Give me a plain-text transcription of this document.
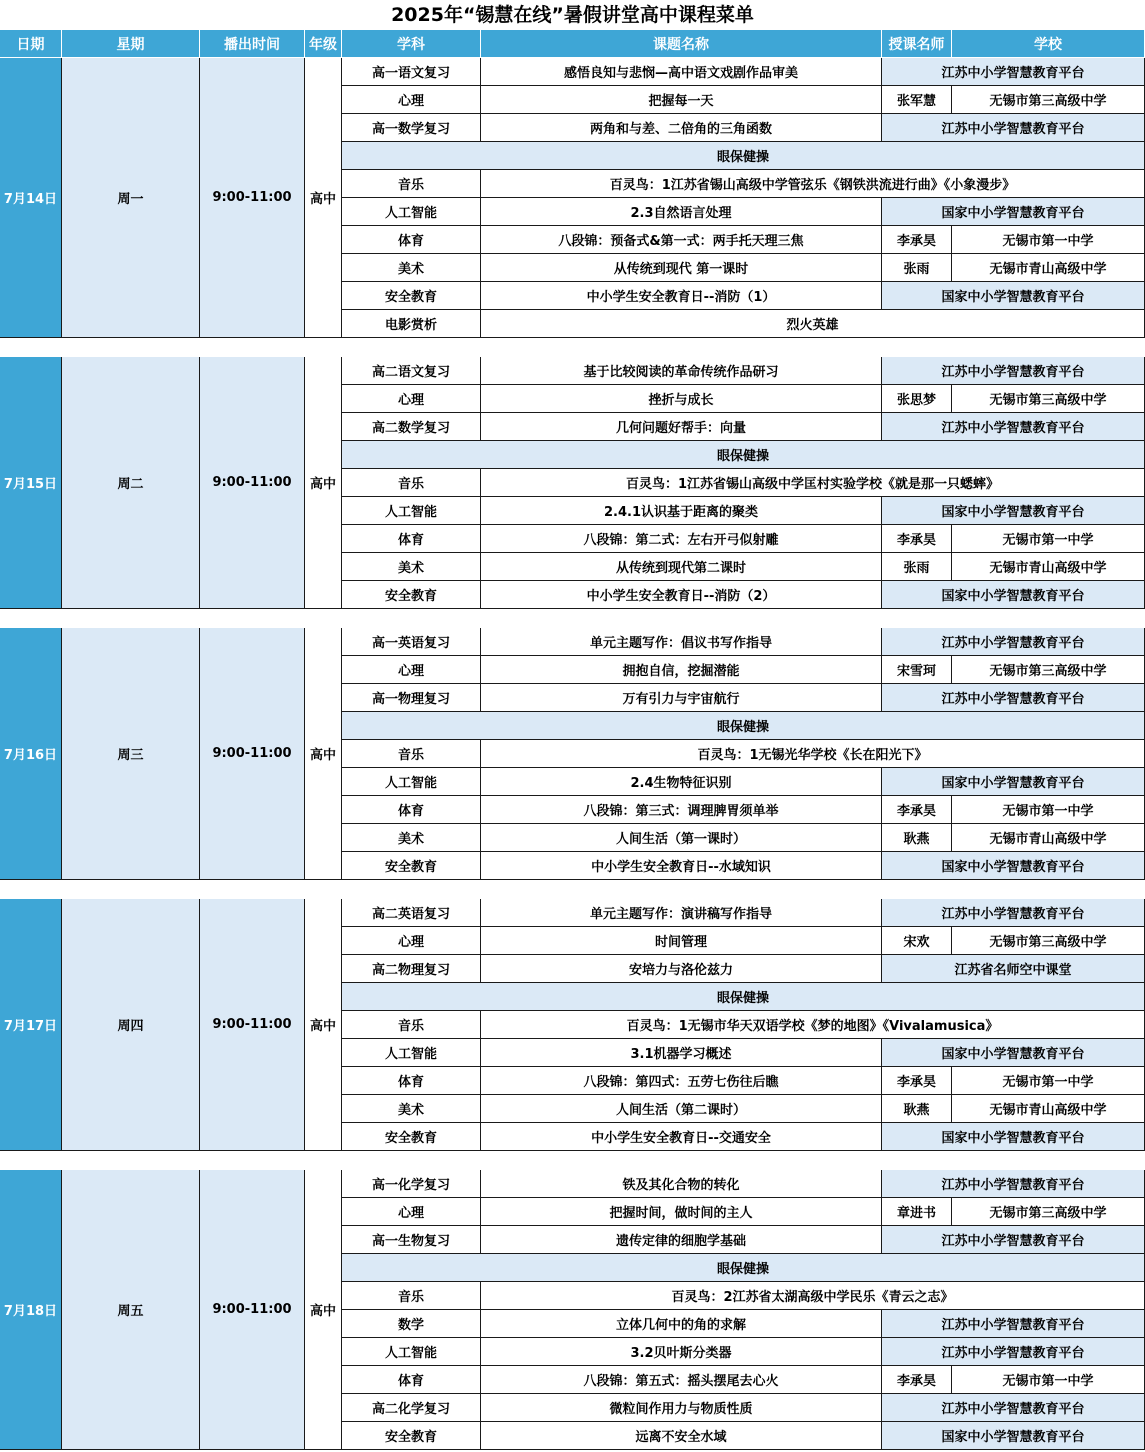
2025年“锡慧在线”暑假讲堂高中课程菜单
日期	星期	播出时间	年级	学科	课题名称	授课名师	学校
7月14日	周一	9:00-11:00	高中
高一语文复习	感悟良知与悲悯—高中语文戏剧作品审美	江苏中小学智慧教育平台
心理	把握每一天	张军慧	无锡市第三高级中学
高一数学复习	两角和与差、二倍角的三角函数	江苏中小学智慧教育平台
眼保健操
音乐	百灵鸟：1江苏省锡山高级中学管弦乐《钢铁洪流进行曲》《小象漫步》
人工智能	2.3自然语言处理	国家中小学智慧教育平台
体育	八段锦：预备式&第一式：两手托天理三焦	李承昊	无锡市第一中学
美术	从传统到现代 第一课时	张雨	无锡市青山高级中学
安全教育	中小学生安全教育日--消防（1）	国家中小学智慧教育平台
电影赏析	烈火英雄
7月15日	周二	9:00-11:00	高中
高二语文复习	基于比较阅读的革命传统作品研习	江苏中小学智慧教育平台
心理	挫折与成长	张思梦	无锡市第三高级中学
高二数学复习	几何问题好帮手：向量	江苏中小学智慧教育平台
眼保健操
音乐	百灵鸟：1江苏省锡山高级中学匡村实验学校《就是那一只蟋蟀》
人工智能	2.4.1认识基于距离的聚类	国家中小学智慧教育平台
体育	八段锦：第二式：左右开弓似射雕	李承昊	无锡市第一中学
美术	从传统到现代第二课时	张雨	无锡市青山高级中学
安全教育	中小学生安全教育日--消防（2）	国家中小学智慧教育平台
7月16日	周三	9:00-11:00	高中
高一英语复习	单元主题写作：倡议书写作指导	江苏中小学智慧教育平台
心理	拥抱自信，挖掘潜能	宋雪珂	无锡市第三高级中学
高一物理复习	万有引力与宇宙航行	江苏中小学智慧教育平台
眼保健操
音乐	百灵鸟：1无锡光华学校《长在阳光下》
人工智能	2.4生物特征识别	国家中小学智慧教育平台
体育	八段锦：第三式：调理脾胃须单举	李承昊	无锡市第一中学
美术	人间生活（第一课时）	耿燕	无锡市青山高级中学
安全教育	中小学生安全教育日--水域知识	国家中小学智慧教育平台
7月17日	周四	9:00-11:00	高中
高二英语复习	单元主题写作：演讲稿写作指导	江苏中小学智慧教育平台
心理	时间管理	宋欢	无锡市第三高级中学
高二物理复习	安培力与洛伦兹力	江苏省名师空中课堂
眼保健操
音乐	百灵鸟：1无锡市华天双语学校《梦的地图》《Vivalamusica》
人工智能	3.1机器学习概述	国家中小学智慧教育平台
体育	八段锦：第四式：五劳七伤往后瞧	李承昊	无锡市第一中学
美术	人间生活（第二课时）	耿燕	无锡市青山高级中学
安全教育	中小学生安全教育日--交通安全	国家中小学智慧教育平台
7月18日	周五	9:00-11:00	高中
高一化学复习	铁及其化合物的转化	江苏中小学智慧教育平台
心理	把握时间，做时间的主人	章进书	无锡市第三高级中学
高一生物复习	遗传定律的细胞学基础	江苏中小学智慧教育平台
眼保健操
音乐	百灵鸟：2江苏省太湖高级中学民乐《青云之志》
数学	立体几何中的角的求解	江苏中小学智慧教育平台
人工智能	3.2贝叶斯分类器	江苏中小学智慧教育平台
体育	八段锦：第五式：摇头摆尾去心火	李承昊	无锡市第一中学
高二化学复习	微粒间作用力与物质性质	江苏中小学智慧教育平台
安全教育	远离不安全水域	国家中小学智慧教育平台
